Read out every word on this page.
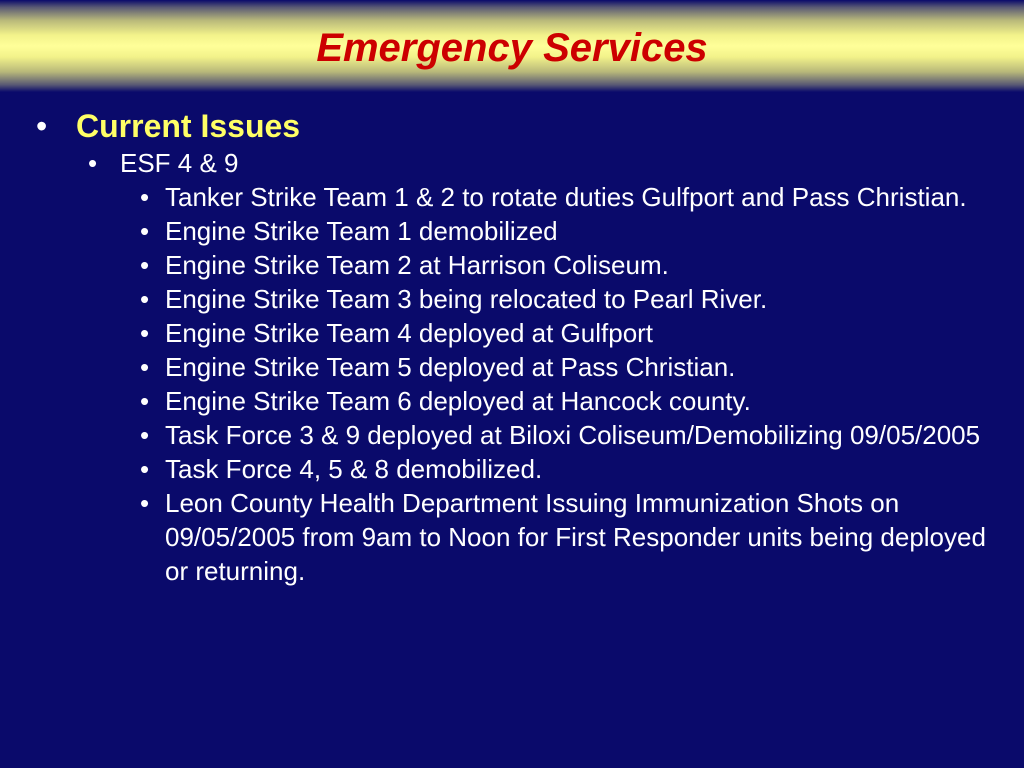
Emergency Services
• Current Issues
• ESF 4 & 9
• Tanker Strike Team 1 & 2 to rotate duties Gulfport and Pass Christian.
• Engine Strike Team 1 demobilized
• Engine Strike Team 2 at Harrison Coliseum.
• Engine Strike Team 3 being relocated to Pearl River.
• Engine Strike Team 4 deployed at Gulfport
• Engine Strike Team 5 deployed at Pass Christian.
• Engine Strike Team 6 deployed at Hancock county.
• Task Force 3 & 9 deployed at Biloxi Coliseum/Demobilizing 09/05/2005
• Task Force 4, 5 & 8 demobilized.
• Leon County Health Department Issuing Immunization Shots on 09/05/2005 from 9am to Noon for First Responder units being deployed or returning.
